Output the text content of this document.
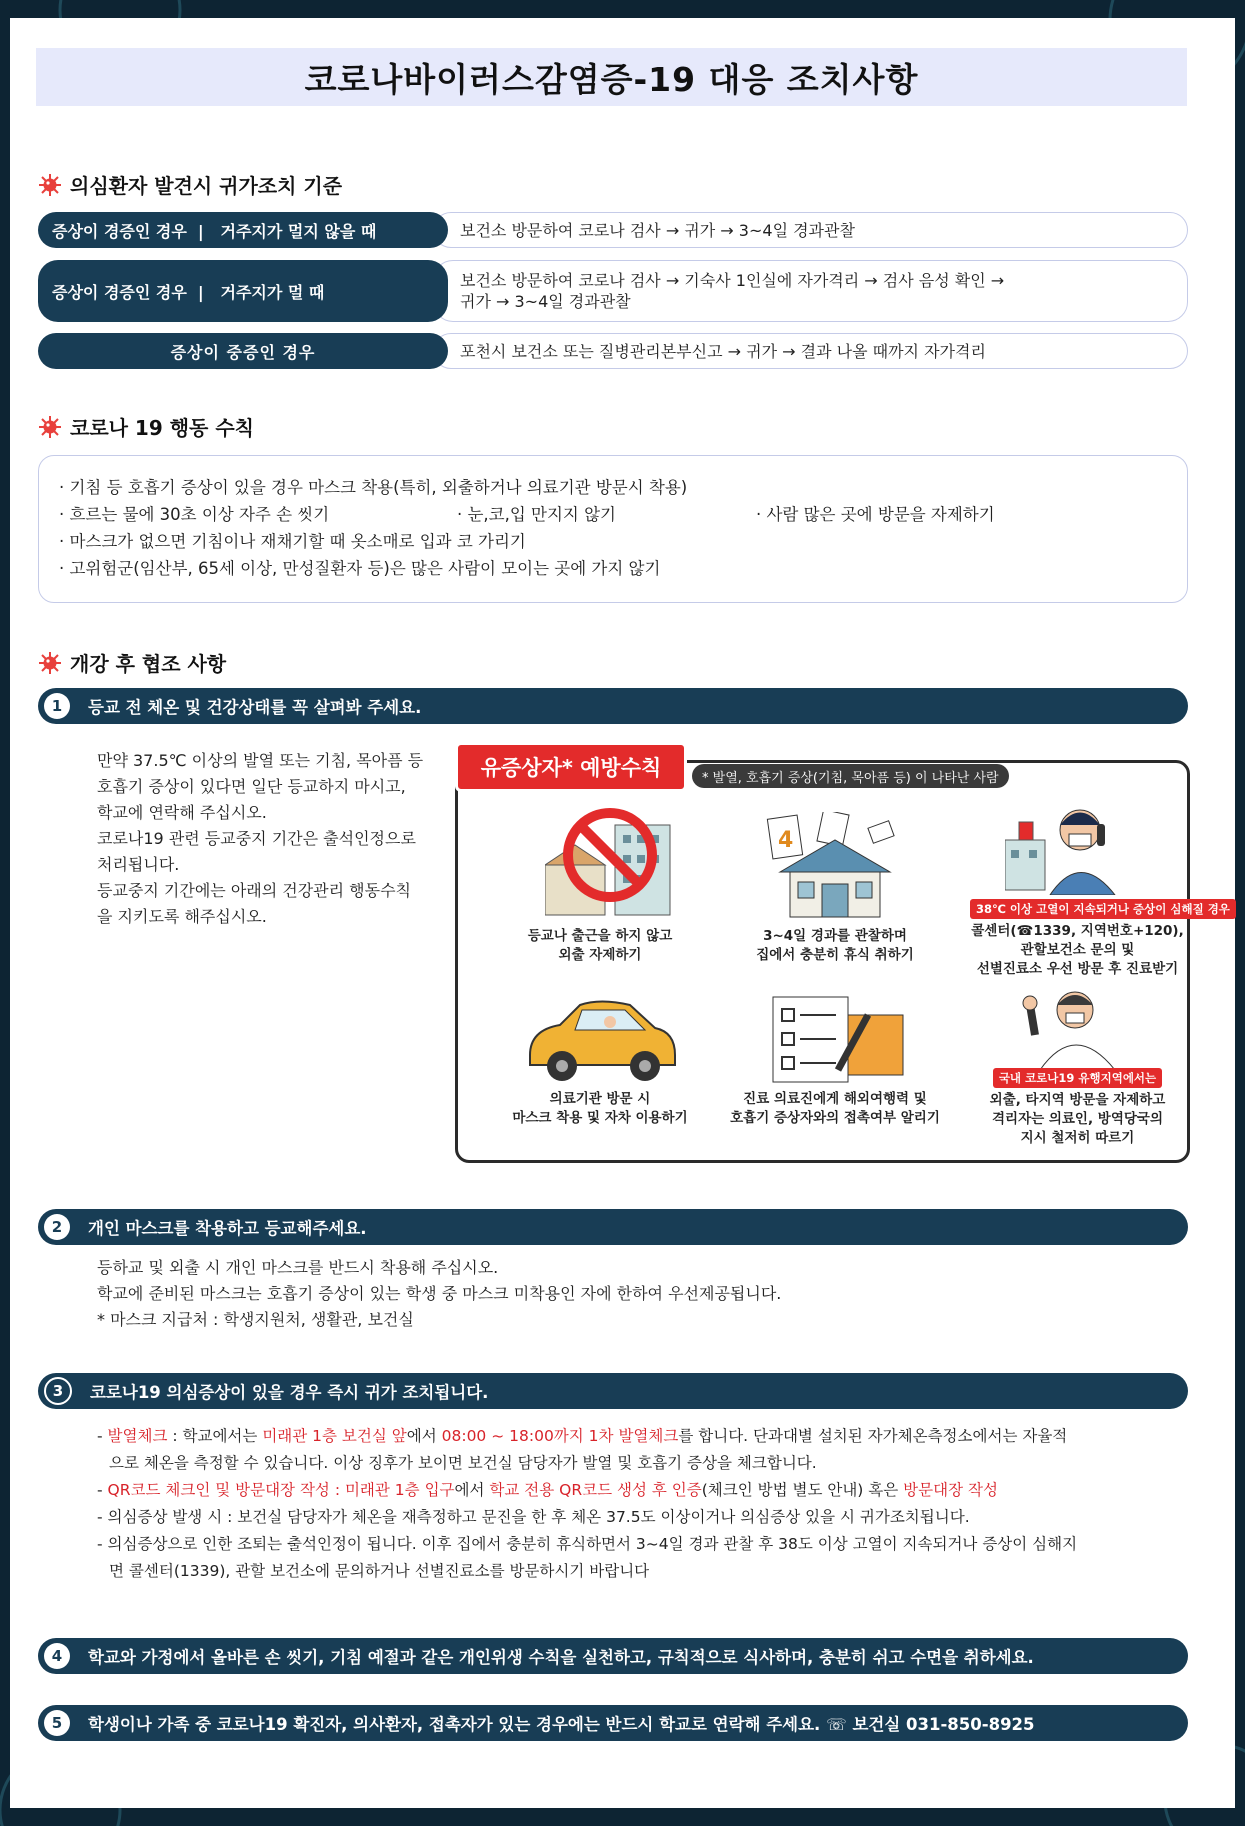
코로나바이러스감염증-19 대응 조치사항
의심환자 발견시 귀가조치 기준
증상이 경증인 경우  |   거주지가 멀지 않을 때	보건소 방문하여 코로나 검사 → 귀가 → 3~4일 경과관찰
증상이 경증인 경우  |   거주지가 멀 때
보건소 방문하여 코로나 검사 → 기숙사 1인실에 자가격리 → 검사 음성 확인 →
귀가 → 3~4일 경과관찰
증상이 중증인 경우	포천시 보건소 또는 질병관리본부신고 → 귀가 → 결과 나올 때까지 자가격리
코로나 19 행동 수칙
· 기침 등 호흡기 증상이 있을 경우 마스크 착용(특히, 외출하거나 의료기관 방문시 착용)
· 흐르는 물에 30초 이상 자주 손 씻기	· 눈,코,입 만지지 않기	· 사람 많은 곳에 방문을 자제하기
· 마스크가 없으면 기침이나 재채기할 때 옷소매로 입과 코 가리기
· 고위험군(임산부, 65세 이상, 만성질환자 등)은 많은 사람이 모이는 곳에 가지 않기
개강 후 협조 사항
1	등교 전 체온 및 건강상태를 꼭 살펴봐 주세요.
만약 37.5℃ 이상의 발열 또는 기침, 목아픔 등
호흡기 증상이 있다면 일단 등교하지 마시고,
학교에 연락해 주십시오.
코로나19 관련 등교중지 기간은 출석인정으로
처리됩니다.
등교중지 기간에는 아래의 건강관리 행동수칙
을 지키도록 해주십시오.
유증상자* 예방수칙	* 발열, 호흡기 증상(기침, 목아픔 등) 이 나타난 사람
등교나 출근을 하지 않고
외출 자제하기
4
3~4일 경과를 관찰하며
집에서 충분히 휴식 취하기
38℃ 이상 고열이 지속되거나 증상이 심해질 경우
콜센터(☎1339, 지역번호+120),
관할보건소 문의 및
선별진료소 우선 방문 후 진료받기
의료기관 방문 시
마스크 착용 및 자차 이용하기
진료 의료진에게 해외여행력 및
호흡기 증상자와의 접촉여부 알리기
국내 코로나19 유행지역에서는
외출, 타지역 방문을 자제하고
격리자는 의료인, 방역당국의
지시 철저히 따르기
2	개인 마스크를 착용하고 등교해주세요.
등하교 및 외출 시 개인 마스크를 반드시 착용해 주십시오.
학교에 준비된 마스크는 호흡기 증상이 있는 학생 중 마스크 미착용인 자에 한하여 우선제공됩니다.
* 마스크 지급처 : 학생지원처, 생활관, 보건실
3	코로나19 의심증상이 있을 경우 즉시 귀가 조치됩니다.
- 발열체크 : 학교에서는 미래관 1층 보건실 앞에서 08:00 ~ 18:00까지 1차 발열체크를 합니다. 단과대별 설치된 자가체온측정소에서는 자율적
으로 체온을 측정할 수 있습니다. 이상 징후가 보이면 보건실 담당자가 발열 및 호흡기 증상을 체크합니다.
- QR코드 체크인 및 방문대장 작성 : 미래관 1층 입구에서 학교 전용 QR코드 생성 후 인증(체크인 방법 별도 안내) 혹은 방문대장 작성
- 의심증상 발생 시 : 보건실 담당자가 체온을 재측정하고 문진을 한 후 체온 37.5도 이상이거나 의심증상 있을 시 귀가조치됩니다.
- 의심증상으로 인한 조퇴는 출석인정이 됩니다. 이후 집에서 충분히 휴식하면서 3~4일 경과 관찰 후 38도 이상 고열이 지속되거나 증상이 심해지
면 콜센터(1339), 관할 보건소에 문의하거나 선별진료소를 방문하시기 바랍니다
4	학교와 가정에서 올바른 손 씻기, 기침 예절과 같은 개인위생 수칙을 실천하고, 규칙적으로 식사하며, 충분히 쉬고 수면을 취하세요.
5	학생이나 가족 중 코로나19 확진자, 의사환자, 접촉자가 있는 경우에는 반드시 학교로 연락해 주세요. ☏ 보건실 031-850-8925
